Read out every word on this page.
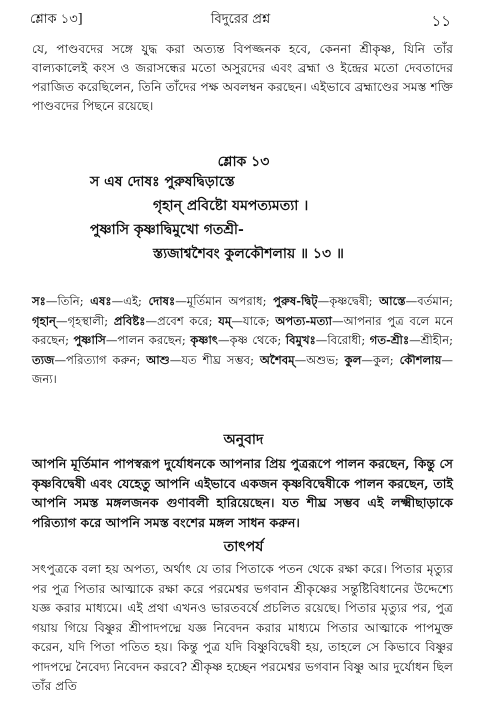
শ্লোক ১৩]	বিদুরের প্রশ্ন	১১

যে, পাণ্ডবদের সঙ্গে যুদ্ধ করা অত্যন্ত বিপজ্জনক হবে, কেননা শ্রীকৃষ্ণ, যিনি তাঁর বাল্যকালেই কংস ও জরাসন্ধের মতো অসুরদের এবং ব্রহ্মা ও ইন্দ্রের মতো দেবতাদের পরাজিত করেছিলেন, তিনি তাঁদের পক্ষ অবলম্বন করছেন। এইভাবে ব্রহ্মাণ্ডের সমস্ত শক্তি পাণ্ডবদের পিছনে রয়েছে।

শ্লোক ১৩
স এষ দোষঃ পুরুষদ্বিড়াস্তে
গৃহান্ প্রবিষ্টো যমপত্যমত্যা ।
পুষ্ণাসি কৃষ্ণাদ্বিমুখো গতশ্রী-
স্ত্যজাশ্বশৈবং কুলকৌশলায় ॥ ১৩ ॥
সঃ—তিনি; এষঃ—এই; দোষঃ—মূর্তিমান অপরাধ; পুরুষ-দ্বিট্—কৃষ্ণদ্বেষী; আস্তে—বর্তমান; গৃহান্—গৃহস্থালী; প্রবিষ্টঃ—প্রবেশ করে; যম্—যাকে; অপত্য-মত্যা—আপনার পুত্র বলে মনে করছেন; পুষ্ণাসি—পালন করছেন; কৃষ্ণাৎ—কৃষ্ণ থেকে; বিমুখঃ—বিরোধী; গত-শ্রীঃ—শ্রীহীন; ত্যজ—পরিত্যাগ করুন; আশু—যত শীঘ্র সম্ভব; অশৈবম্—অশুভ; কুল—কুল; কৌশলায়—জন্য।
অনুবাদ
আপনি মূর্তিমান পাপস্বরূপ দুর্যোধনকে আপনার প্রিয় পুত্ররূপে পালন করছেন, কিন্তু সে কৃষ্ণবিদ্বেষী এবং যেহেতু আপনি এইভাবে একজন কৃষ্ণবিদ্বেষীকে পালন করছেন, তাই আপনি সমস্ত মঙ্গলজনক গুণাবলী হারিয়েছেন। যত শীঘ্র সম্ভব এই লক্ষ্মীছাড়াকে পরিত্যাগ করে আপনি সমস্ত বংশের মঙ্গল সাধন করুন।
তাৎপর্য
সৎপুত্রকে বলা হয় অপত্য, অর্থাৎ যে তার পিতাকে পতন থেকে রক্ষা করে। পিতার মৃত্যুর পর পুত্র পিতার আত্মাকে রক্ষা করে পরমেশ্বর ভগবান শ্রীকৃষ্ণের সন্তুষ্টিবিধানের উদ্দেশ্যে যজ্ঞ করার মাধ্যমে। এই প্রথা এখনও ভারতবর্ষে প্রচলিত রয়েছে। পিতার মৃত্যুর পর, পুত্র গয়ায় গিয়ে বিষ্ণুর শ্রীপাদপদ্মে যজ্ঞ নিবেদন করার মাধ্যমে পিতার আত্মাকে পাপমুক্ত করেন, যদি পিতা পতিত হয়। কিন্তু পুত্র যদি বিষ্ণুবিদ্বেষী হয়, তাহলে সে কিভাবে বিষ্ণুর পাদপদ্মে নৈবেদ্য নিবেদন করবে? শ্রীকৃষ্ণ হচ্ছেন পরমেশ্বর ভগবান বিষ্ণু আর দুর্যোধন ছিল তাঁর প্রতি
